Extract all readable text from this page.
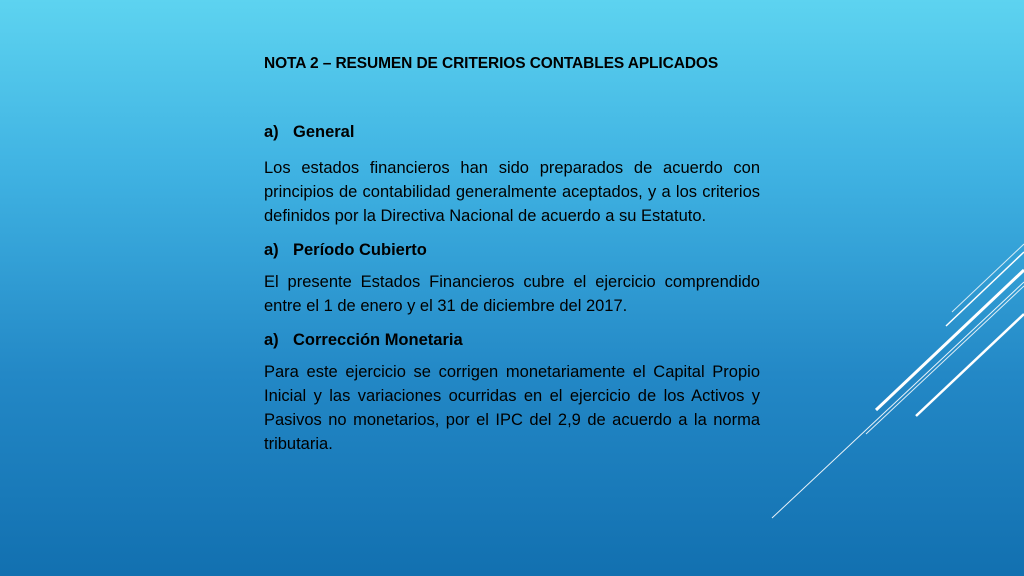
NOTA 2 – RESUMEN DE CRITERIOS CONTABLES APLICADOS

a) General

Los estados financieros han sido preparados de acuerdo con principios de contabilidad generalmente aceptados, y a los criterios definidos por la Directiva Nacional de acuerdo a su Estatuto.

a) Período Cubierto

El presente Estados Financieros cubre el ejercicio comprendido entre el 1 de enero y el 31 de diciembre del 2017.

a) Corrección Monetaria

Para este ejercicio se corrigen monetariamente el Capital Propio Inicial y las variaciones ocurridas en el ejercicio de los Activos y Pasivos no monetarios, por el IPC del 2,9 de acuerdo a la norma tributaria.
